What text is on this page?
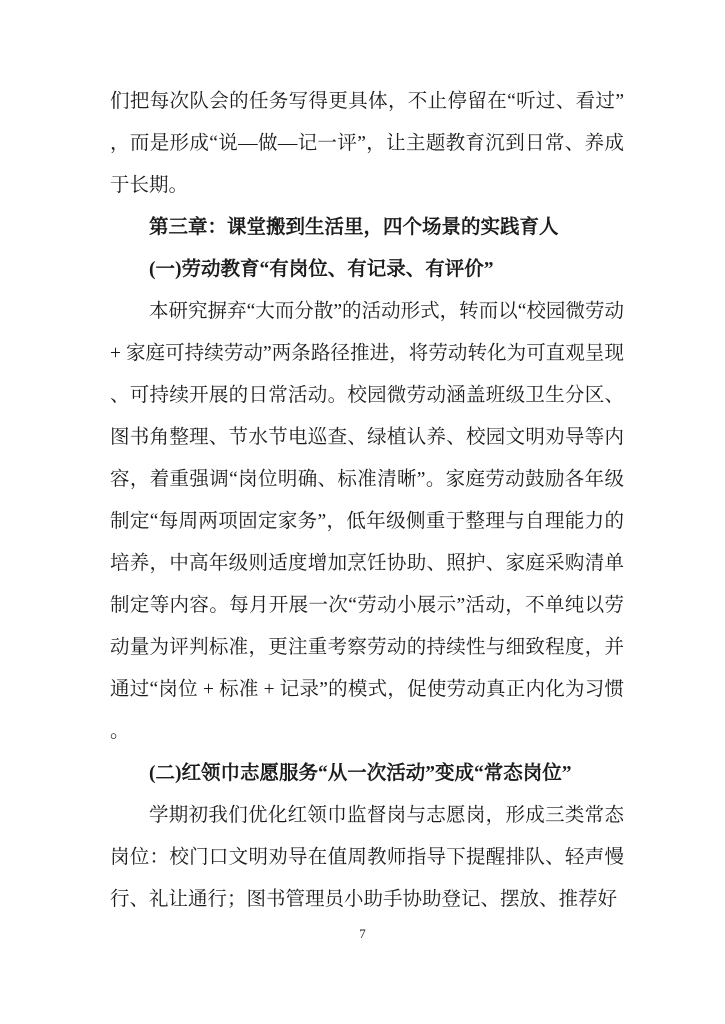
们把每次队会的任务写得更具体，不止停留在“听过、看过”，而是形成“说—做—记一评”，让主题教育沉到日常、养成于长期。

第三章：课堂搬到生活里，四个场景的实践育人

(一)劳动教育“有岗位、有记录、有评价”

本研究摒弃“大而分散”的活动形式，转而以“校园微劳动 + 家庭可持续劳动”两条路径推进，将劳动转化为可直观呈现、可持续开展的日常活动。校园微劳动涵盖班级卫生分区、图书角整理、节水节电巡查、绿植认养、校园文明劝导等内容，着重强调“岗位明确、标准清晰”。家庭劳动鼓励各年级制定“每周两项固定家务”，低年级侧重于整理与自理能力的培养，中高年级则适度增加烹饪协助、照护、家庭采购清单制定等内容。每月开展一次“劳动小展示”活动，不单纯以劳动量为评判标准，更注重考察劳动的持续性与细致程度，并通过“岗位 + 标准 + 记录”的模式，促使劳动真正内化为习惯。

(二)红领巾志愿服务“从一次活动”变成“常态岗位”

学期初我们优化红领巾监督岗与志愿岗，形成三类常态岗位：校门口文明劝导在值周教师指导下提醒排队、轻声慢行、礼让通行；图书管理员小助手协助登记、摆放、推荐好

7
